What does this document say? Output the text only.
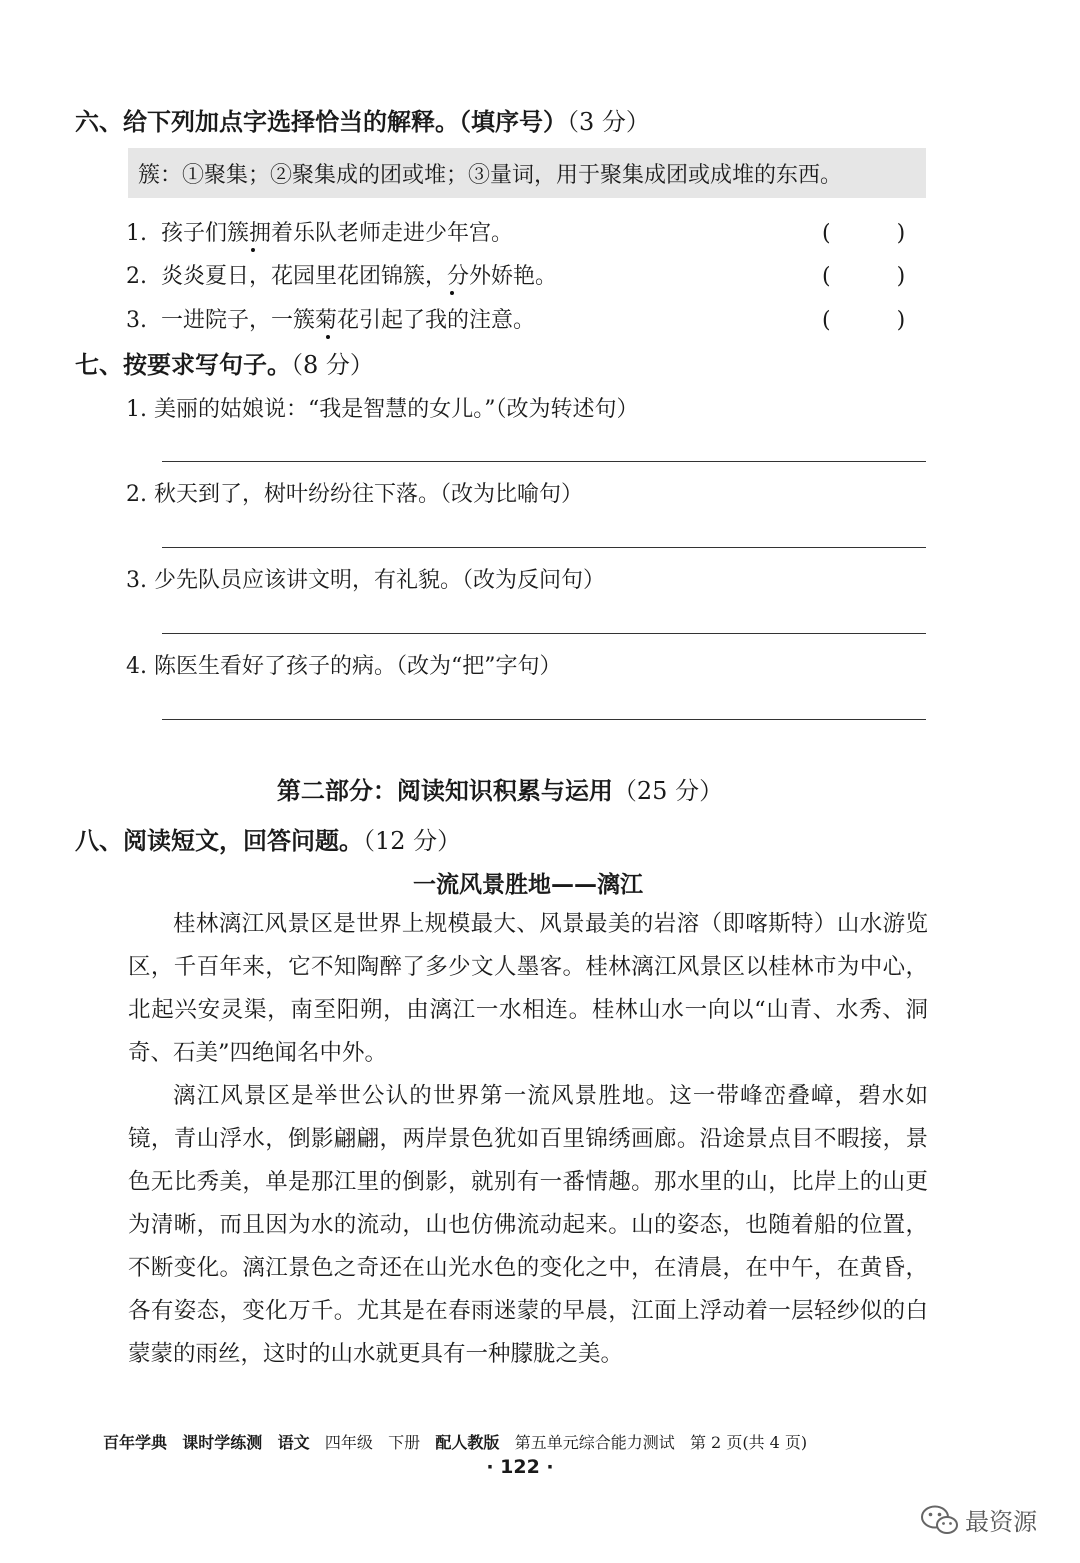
六、给下列加点字选择恰当的解释。（填序号）（3 分）
簇：①聚集；②聚集成的团或堆；③量词，用于聚集成团或成堆的东西。
1. 孩子们簇拥着乐队老师走进少年宫。	(　　　)
2. 炎炎夏日，花园里花团锦簇，分外娇艳。	(　　　)
3. 一进院子，一簇菊花引起了我的注意。	(　　　)
七、按要求写句子。（8 分）
1. 美丽的姑娘说：“我是智慧的女儿。”（改为转述句）
2. 秋天到了，树叶纷纷往下落。（改为比喻句）
3. 少先队员应该讲文明，有礼貌。（改为反问句）
4. 陈医生看好了孩子的病。（改为“把”字句）
第二部分：阅读知识积累与运用（25 分）
八、阅读短文，回答问题。（12 分）
一流风景胜地——漓江
桂林漓江风景区是世界上规模最大、风景最美的岩溶（即喀斯特）山水游览区，千百年来，它不知陶醉了多少文人墨客。桂林漓江风景区以桂林市为中心，北起兴安灵渠，南至阳朔，由漓江一水相连。桂林山水一向以“山青、水秀、洞奇、石美”四绝闻名中外。
漓江风景区是举世公认的世界第一流风景胜地。这一带峰峦叠嶂，碧水如镜，青山浮水，倒影翩翩，两岸景色犹如百里锦绣画廊。沿途景点目不暇接，景色无比秀美，单是那江里的倒影，就别有一番情趣。那水里的山，比岸上的山更为清晰，而且因为水的流动，山也仿佛流动起来。山的姿态，也随着船的位置，不断变化。漓江景色之奇还在山光水色的变化之中，在清晨，在中午，在黄昏，各有姿态，变化万千。尤其是在春雨迷蒙的早晨，江面上浮动着一层轻纱似的白蒙蒙的雨丝，这时的山水就更具有一种朦胧之美。
百年学典 课时学练测 语文 四年级 下册 配人教版 第五单元综合能力测试 第 2 页(共 4 页)
· 122 ·
最资源
